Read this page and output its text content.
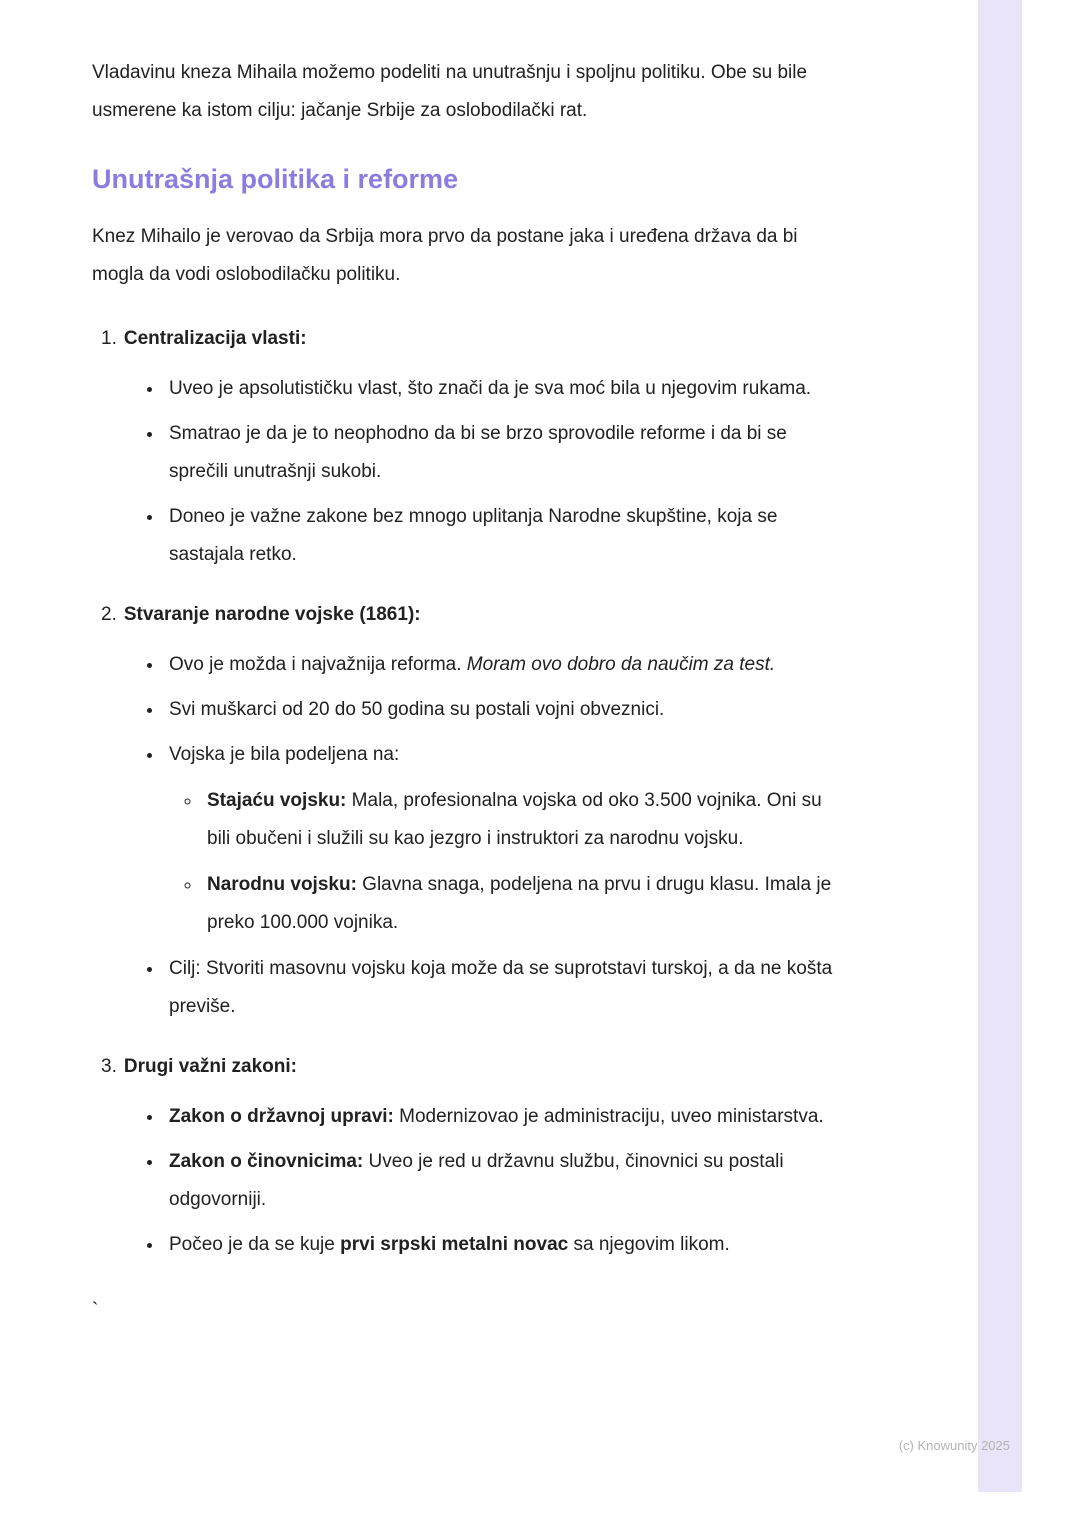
Vladavinu kneza Mihaila možemo podeliti na unutrašnju i spoljnu politiku. Obe su bile usmerene ka istom cilju: jačanje Srbije za oslobodilački rat.

Unutrašnja politika i reforme

Knez Mihailo je verovao da Srbija mora prvo da postane jaka i uređena država da bi mogla da vodi oslobodilačku politiku.

1. Centralizacija vlasti:
• Uveo je apsolutističku vlast, što znači da je sva moć bila u njegovim rukama.
• Smatrao je da je to neophodno da bi se brzo sprovodile reforme i da bi se sprečili unutrašnji sukobi.
• Doneo je važne zakone bez mnogo uplitanja Narodne skupštine, koja se sastajala retko.
2. Stvaranje narodne vojske (1861):
• Ovo je možda i najvažnija reforma. Moram ovo dobro da naučim za test.
• Svi muškarci od 20 do 50 godina su postali vojni obveznici.
• Vojska je bila podeljena na:
◦ Stajaću vojsku: Mala, profesionalna vojska od oko 3.500 vojnika. Oni su bili obučeni i služili su kao jezgro i instruktori za narodnu vojsku.
◦ Narodnu vojsku: Glavna snaga, podeljena na prvu i drugu klasu. Imala je preko 100.000 vojnika.
• Cilj: Stvoriti masovnu vojsku koja može da se suprotstavi turskoj, a da ne košta previše.
3. Drugi važni zakoni:
• Zakon o državnoj upravi: Modernizovao je administraciju, uveo ministarstva.
• Zakon o činovnicima: Uveo je red u državnu službu, činovnici su postali odgovorniji.
• Počeo je da se kuje prvi srpski metalni novac sa njegovim likom.

`

(c) Knowunity 2025
